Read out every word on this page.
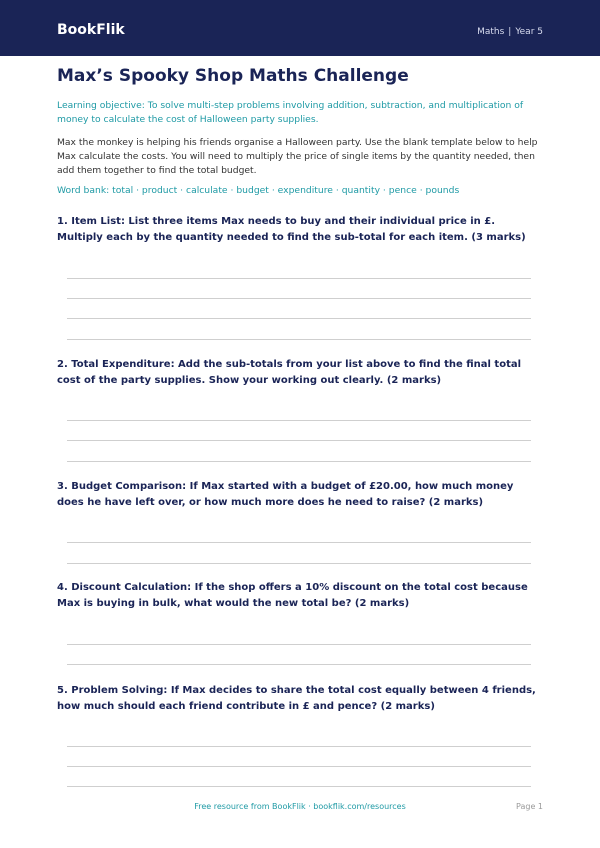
BookFlik	Maths | Year 5
Max’s Spooky Shop Maths Challenge

Learning objective: To solve multi-step problems involving addition, subtraction, and multiplication of money to calculate the cost of Halloween party supplies.

Max the monkey is helping his friends organise a Halloween party. Use the blank template below to help Max calculate the costs. You will need to multiply the price of single items by the quantity needed, then add them together to find the total budget.

Word bank: total · product · calculate · budget · expenditure · quantity · pence · pounds

1. Item List: List three items Max needs to buy and their individual price in £. Multiply each by the quantity needed to find the sub-total for each item. (3 marks)

2. Total Expenditure: Add the sub-totals from your list above to find the final total cost of the party supplies. Show your working out clearly. (2 marks)

3. Budget Comparison: If Max started with a budget of £20.00, how much money does he have left over, or how much more does he need to raise? (2 marks)

4. Discount Calculation: If the shop offers a 10% discount on the total cost because Max is buying in bulk, what would the new total be? (2 marks)

5. Problem Solving: If Max decides to share the total cost equally between 4 friends, how much should each friend contribute in £ and pence? (2 marks)

Free resource from BookFlik · bookflik.com/resources	Page 1
